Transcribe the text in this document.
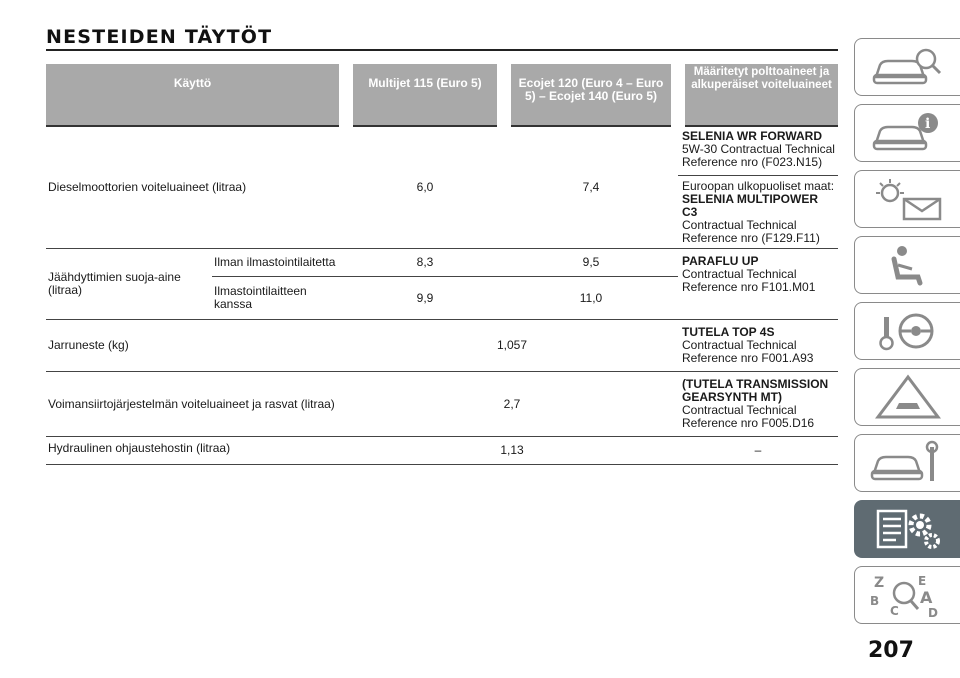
NESTEIDEN TÄYTÖT
Käyttö		Multijet 115 (Euro 5)	Ecojet 120 (Euro 4 – Euro 5) – Ecojet 140 (Euro 5)	Määritetyt polttoaineet ja alkuperäiset voiteluaineet
Dieselmoottorien voiteluaineet (litraa)		6,0	7,4	SELENIA WR FORWARD
5W-30 Contractual Technical Reference nro (F023.N15)
Euroopan ulkopuoliset maat:
SELENIA MULTIPOWER C3
Contractual Technical Reference nro (F129.F11)

Jäähdyttimien suoja-aine (litraa)	Ilman ilmastointilaitetta	8,3	9,5	PARAFLU UP
Contractual Technical Reference nro F101.M01

	Ilmastointilaitteen kanssa	9,9	11,0	
Jarruneste (kg)		1,057		TUTELA TOP 4S
Contractual Technical Reference nro F001.A93

Voimansiirtojärjestelmän voiteluaineet ja rasvat (litraa)		2,7		(TUTELA TRANSMISSION GEARSYNTH MT)
Contractual Technical Reference nro F005.D16

Hydraulinen ohjaustehostin (litraa)		1,13		–
i
Z	E
B	A
C D
207
